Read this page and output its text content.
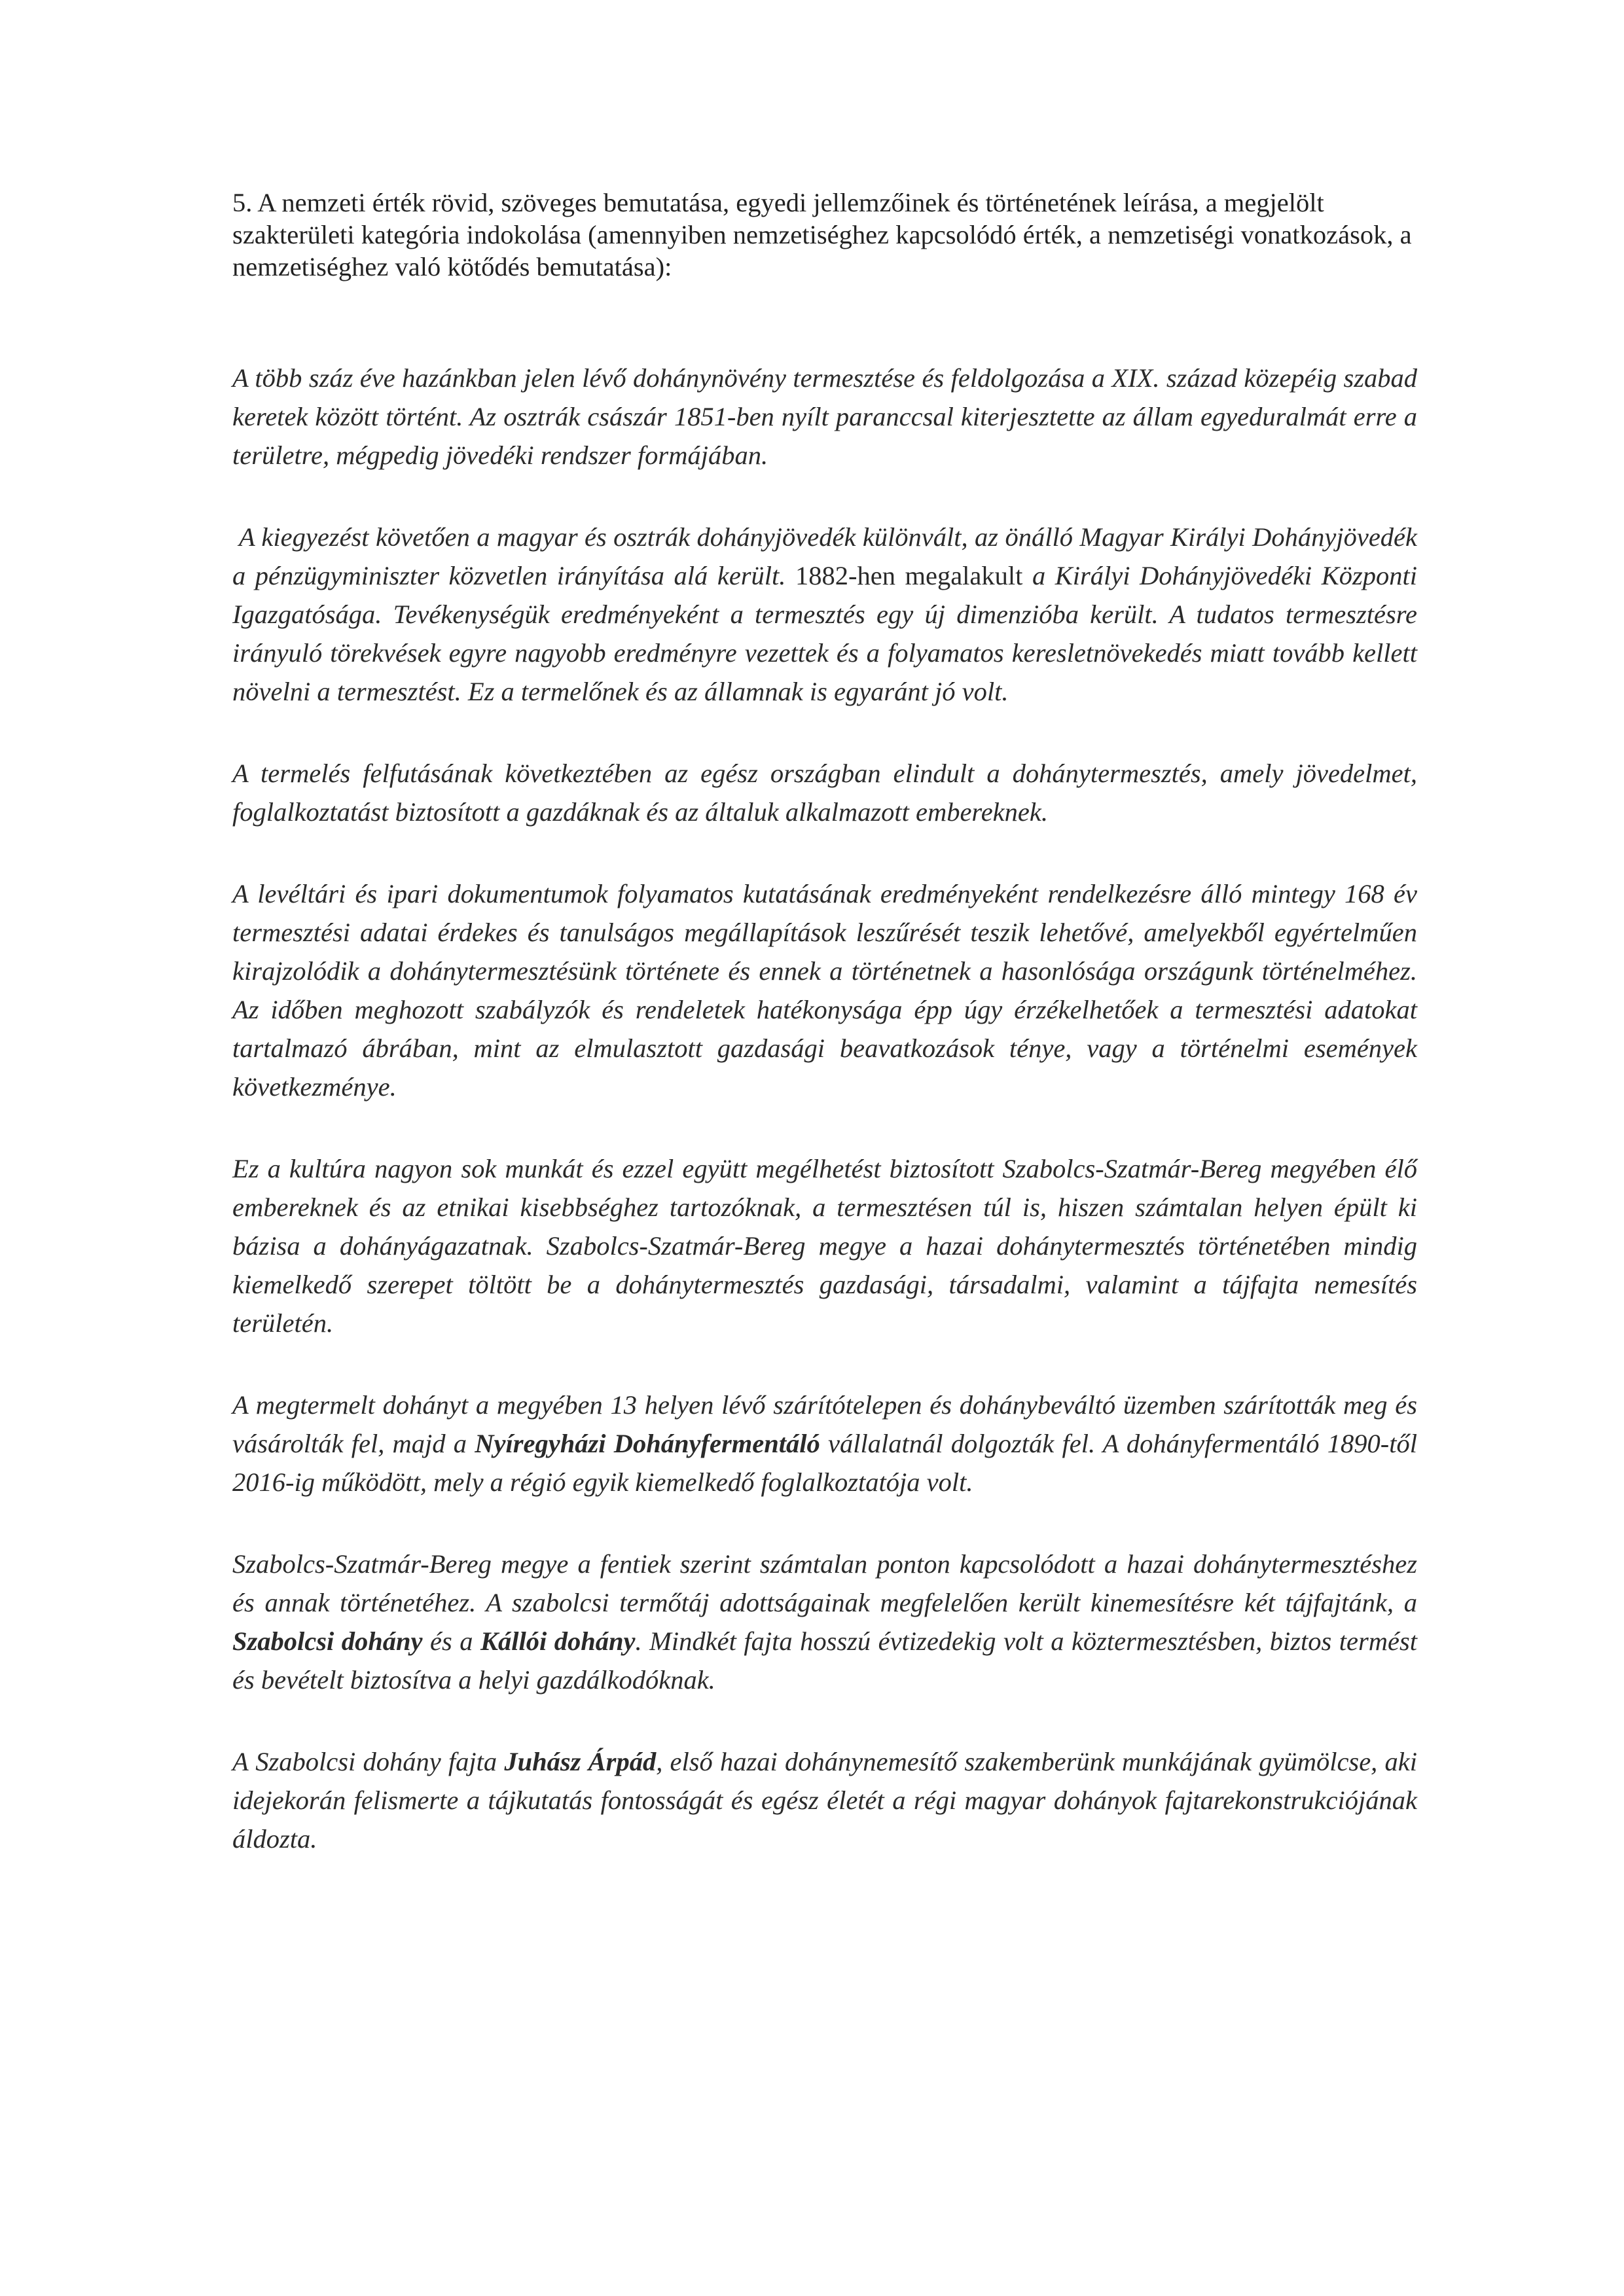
5. A nemzeti érték rövid, szöveges bemutatása, egyedi jellemzőinek és történetének leírása, a megjelölt szakterületi kategória indokolása (amennyiben nemzetiséghez kapcsolódó érték, a nemzetiségi vonatkozások, a nemzetiséghez való kötődés bemutatása):

A több száz éve hazánkban jelen lévő dohánynövény termesztése és feldolgozása a XIX. század közepéig szabad keretek között történt. Az osztrák császár 1851-ben nyílt paranccsal kiterjesztette az állam egyeduralmát erre a területre, mégpedig jövedéki rendszer formájában.

A kiegyezést követően a magyar és osztrák dohányjövedék különvált, az önálló Magyar Királyi Dohányjövedék a pénzügyminiszter közvetlen irányítása alá került. 1882-hen megalakult a Királyi Dohányjövedéki Központi Igazgatósága. Tevékenységük eredményeként a termesztés egy új dimenzióba került. A tudatos termesztésre irányuló törekvések egyre nagyobb eredményre vezettek és a folyamatos keresletnövekedés miatt tovább kellett növelni a termesztést. Ez a termelőnek és az államnak is egyaránt jó volt.

A termelés felfutásának következtében az egész országban elindult a dohánytermesztés, amely jövedelmet, foglalkoztatást biztosított a gazdáknak és az általuk alkalmazott embereknek.

A levéltári és ipari dokumentumok folyamatos kutatásának eredményeként rendelkezésre álló mintegy 168 év termesztési adatai érdekes és tanulságos megállapítások leszűrését teszik lehetővé, amelyekből egyértelműen kirajzolódik a dohánytermesztésünk története és ennek a történetnek a hasonlósága országunk történelméhez. Az időben meghozott szabályzók és rendeletek hatékonysága épp úgy érzékelhetőek a termesztési adatokat tartalmazó ábrában, mint az elmulasztott gazdasági beavatkozások ténye, vagy a történelmi események következménye.

Ez a kultúra nagyon sok munkát és ezzel együtt megélhetést biztosított Szabolcs-Szatmár-Bereg megyében élő embereknek és az etnikai kisebbséghez tartozóknak, a termesztésen túl is, hiszen számtalan helyen épült ki bázisa a dohányágazatnak. Szabolcs-Szatmár-Bereg megye a hazai dohánytermesztés történetében mindig kiemelkedő szerepet töltött be a dohánytermesztés gazdasági, társadalmi, valamint a tájfajta nemesítés területén.

A megtermelt dohányt a megyében 13 helyen lévő szárítótelepen és dohánybeváltó üzemben szárították meg és vásárolták fel, majd a Nyíregyházi Dohányfermentáló vállalatnál dolgozták fel. A dohányfermentáló 1890-től 2016-ig működött, mely a régió egyik kiemelkedő foglalkoztatója volt.

Szabolcs-Szatmár-Bereg megye a fentiek szerint számtalan ponton kapcsolódott a hazai dohánytermesztéshez és annak történetéhez. A szabolcsi termőtáj adottságainak megfelelően került kinemesítésre két tájfajtánk, a Szabolcsi dohány és a Kállói dohány. Mindkét fajta hosszú évtizedekig volt a köztermesztésben, biztos termést és bevételt biztosítva a helyi gazdálkodóknak.

A Szabolcsi dohány fajta Juhász Árpád, első hazai dohánynemesítő szakemberünk munkájának gyümölcse, aki idejekorán felismerte a tájkutatás fontosságát és egész életét a régi magyar dohányok fajtarekonstrukciójának áldozta.
